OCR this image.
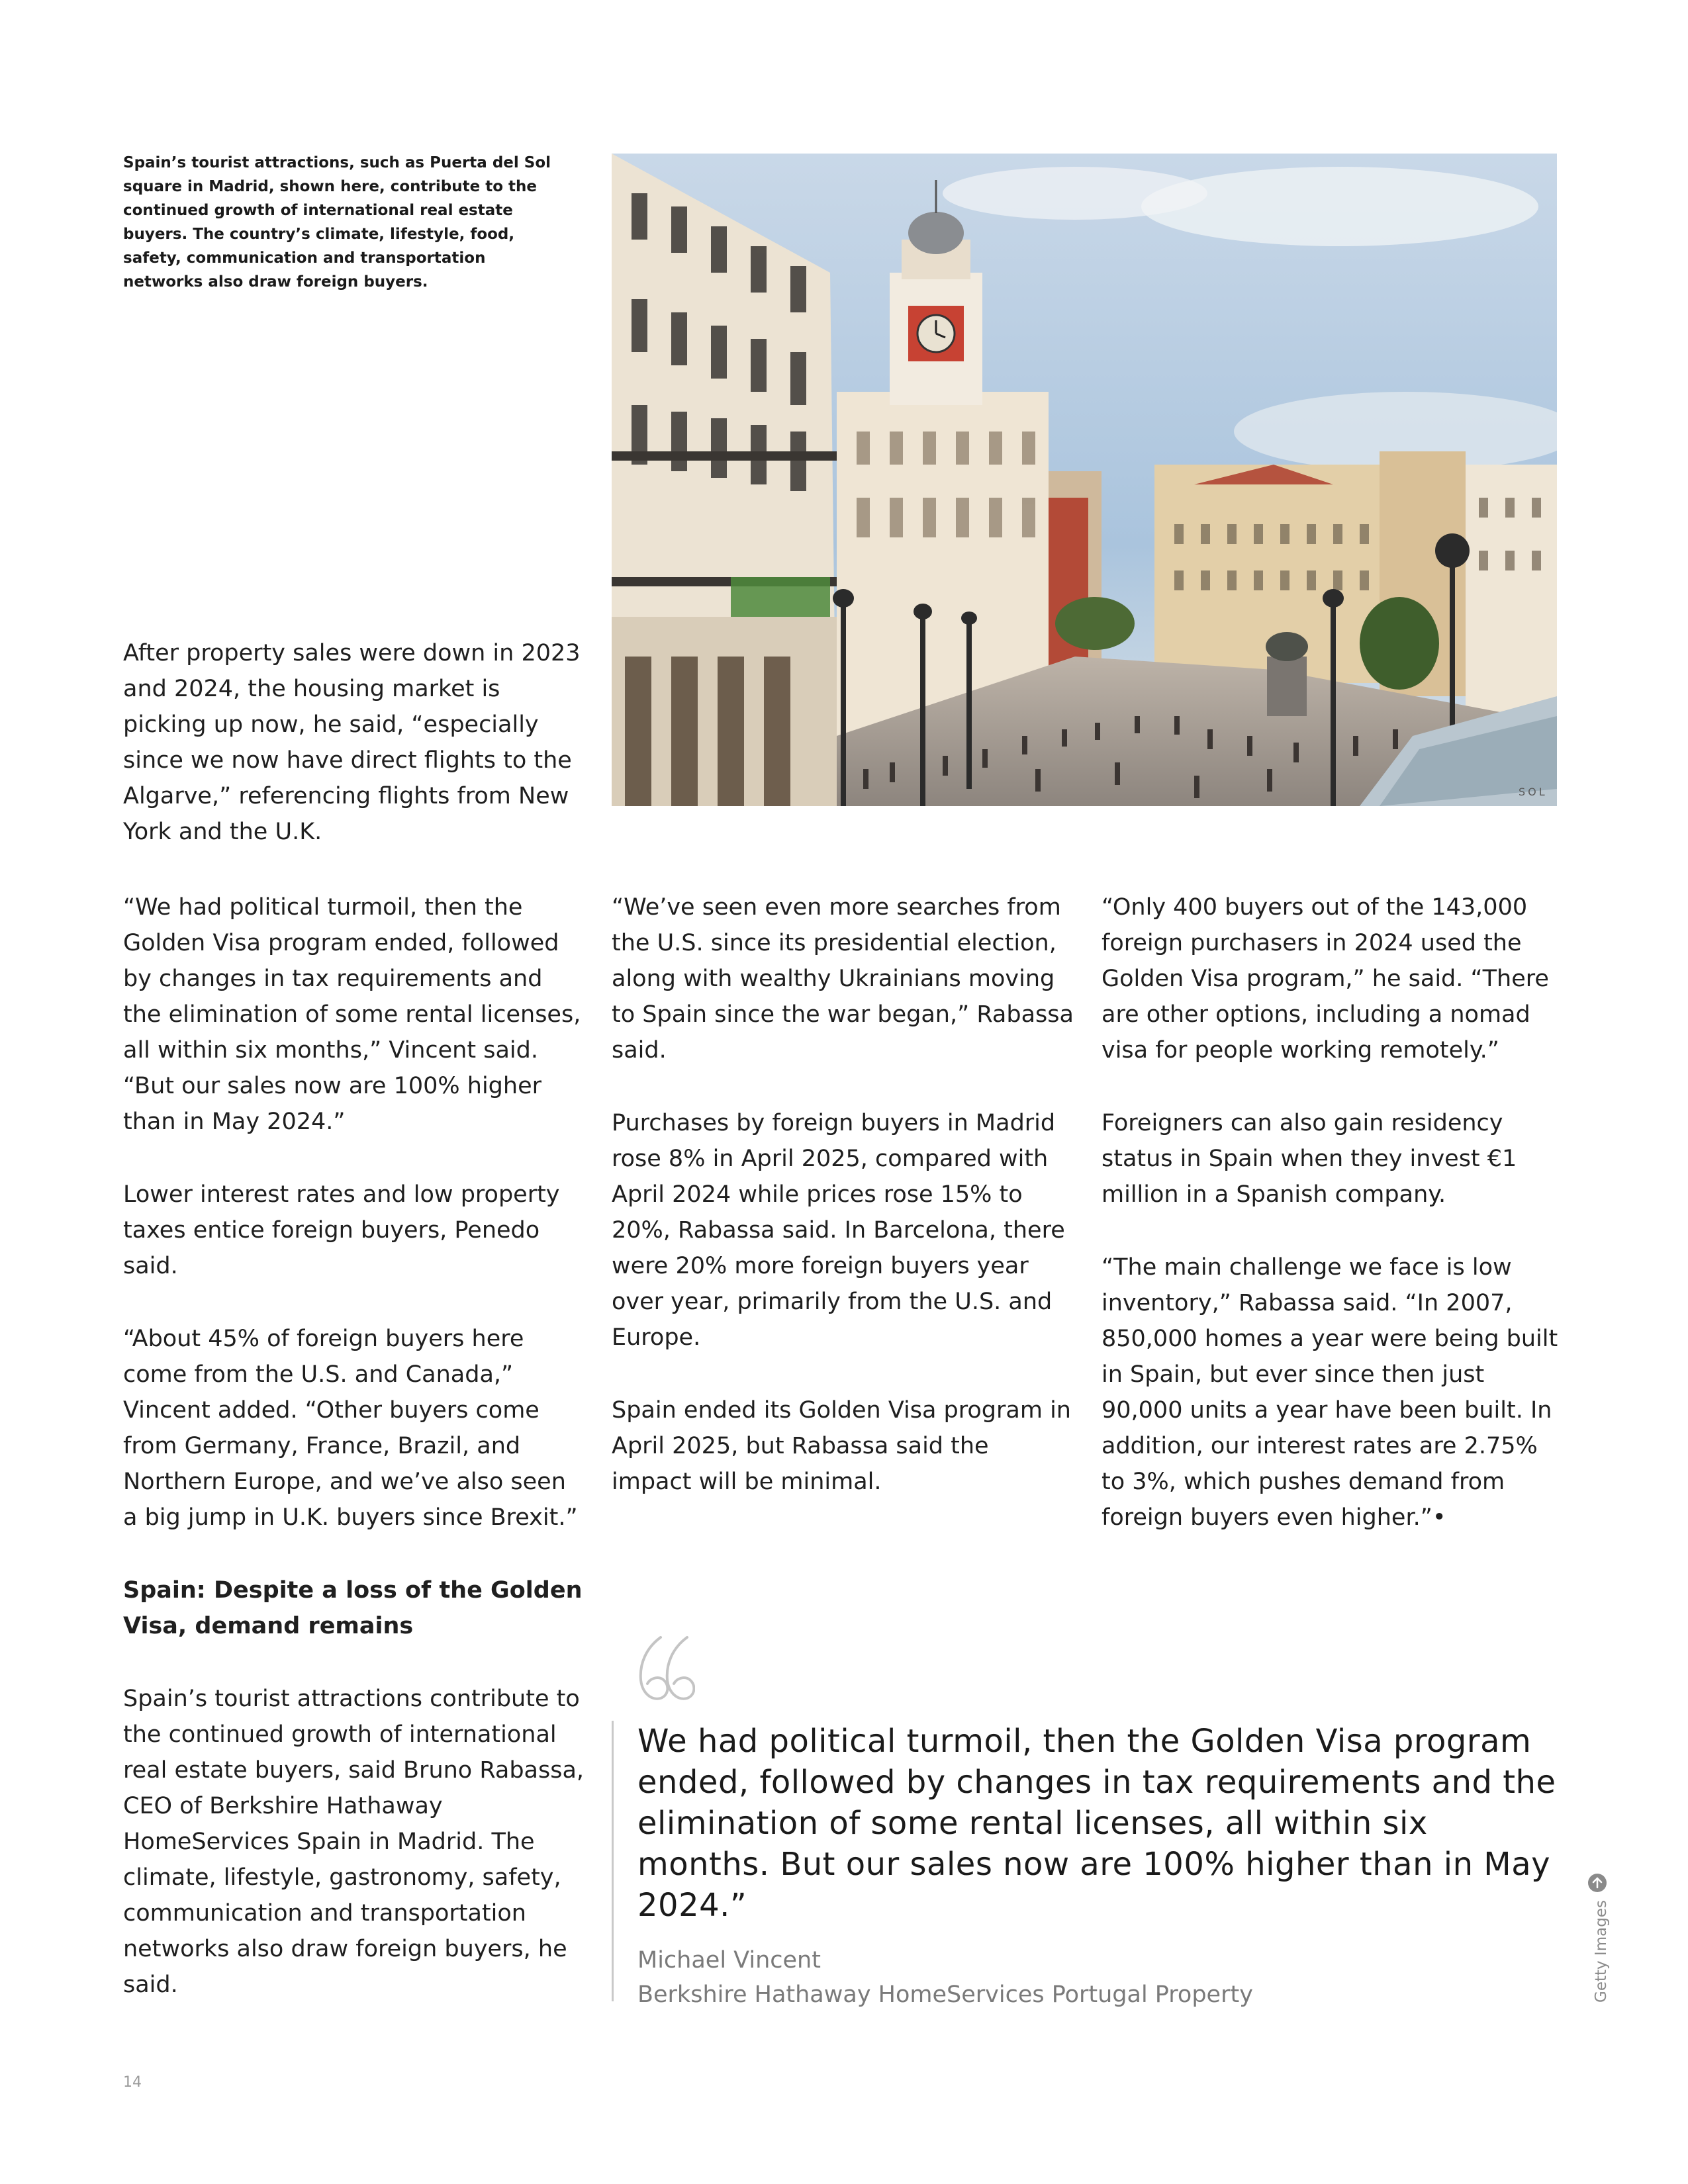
Spain’s tourist attractions, such as Puerta del Sol square in Madrid, shown here, contribute to the continued growth of international real estate buyers. The country’s climate, lifestyle, food, safety, communication and transportation networks also draw foreign buyers.
SOL

After property sales were down in 2023 and 2024, the housing market is picking up now, he said, “especially since we now have direct flights to the Algarve,” referencing flights from New York and the U.K.

“We had political turmoil, then the Golden Visa program ended, followed by changes in tax requirements and the elimination of some rental licenses, all within six months,” Vincent said. “But our sales now are 100% higher than in May 2024.”

Lower interest rates and low property taxes entice foreign buyers, Penedo said.

“About 45% of foreign buyers here come from the U.S. and Canada,” Vincent added. “Other buyers come from Germany, France, Brazil, and Northern Europe, and we’ve also seen a big jump in U.K. buyers since Brexit.”

Spain: Despite a loss of the Golden Visa, demand remains

Spain’s tourist attractions contribute to the continued growth of international real estate buyers, said Bruno Rabassa, CEO of Berkshire Hathaway HomeServices Spain in Madrid. The climate, lifestyle, gastronomy, safety, communication and transportation networks also draw foreign buyers, he said.

“We’ve seen even more searches from the U.S. since its presidential election, along with wealthy Ukrainians moving to Spain since the war began,” Rabassa said.

Purchases by foreign buyers in Madrid rose 8% in April 2025, compared with April 2024 while prices rose 15% to 20%, Rabassa said. In Barcelona, there were 20% more foreign buyers year over year, primarily from the U.S. and Europe.

Spain ended its Golden Visa program in April 2025, but Rabassa said the impact will be minimal.

“Only 400 buyers out of the 143,000 foreign purchasers in 2024 used the Golden Visa program,” he said. “There are other options, including a nomad visa for people working remotely.”

Foreigners can also gain residency status in Spain when they invest €1 million in a Spanish company.

“The main challenge we face is low inventory,” Rabassa said. “In 2007, 850,000 homes a year were being built in Spain, but ever since then just 90,000 units a year have been built. In addition, our interest rates are 2.75% to 3%, which pushes demand from foreign buyers even higher.”•

We had political turmoil, then the Golden Visa program ended, followed by changes in tax requirements and the elimination of some rental licenses, all within six months. But our sales now are 100% higher than in May 2024.”

Michael Vincent
Berkshire Hathaway HomeServices Portugal Property	Getty Images
14
